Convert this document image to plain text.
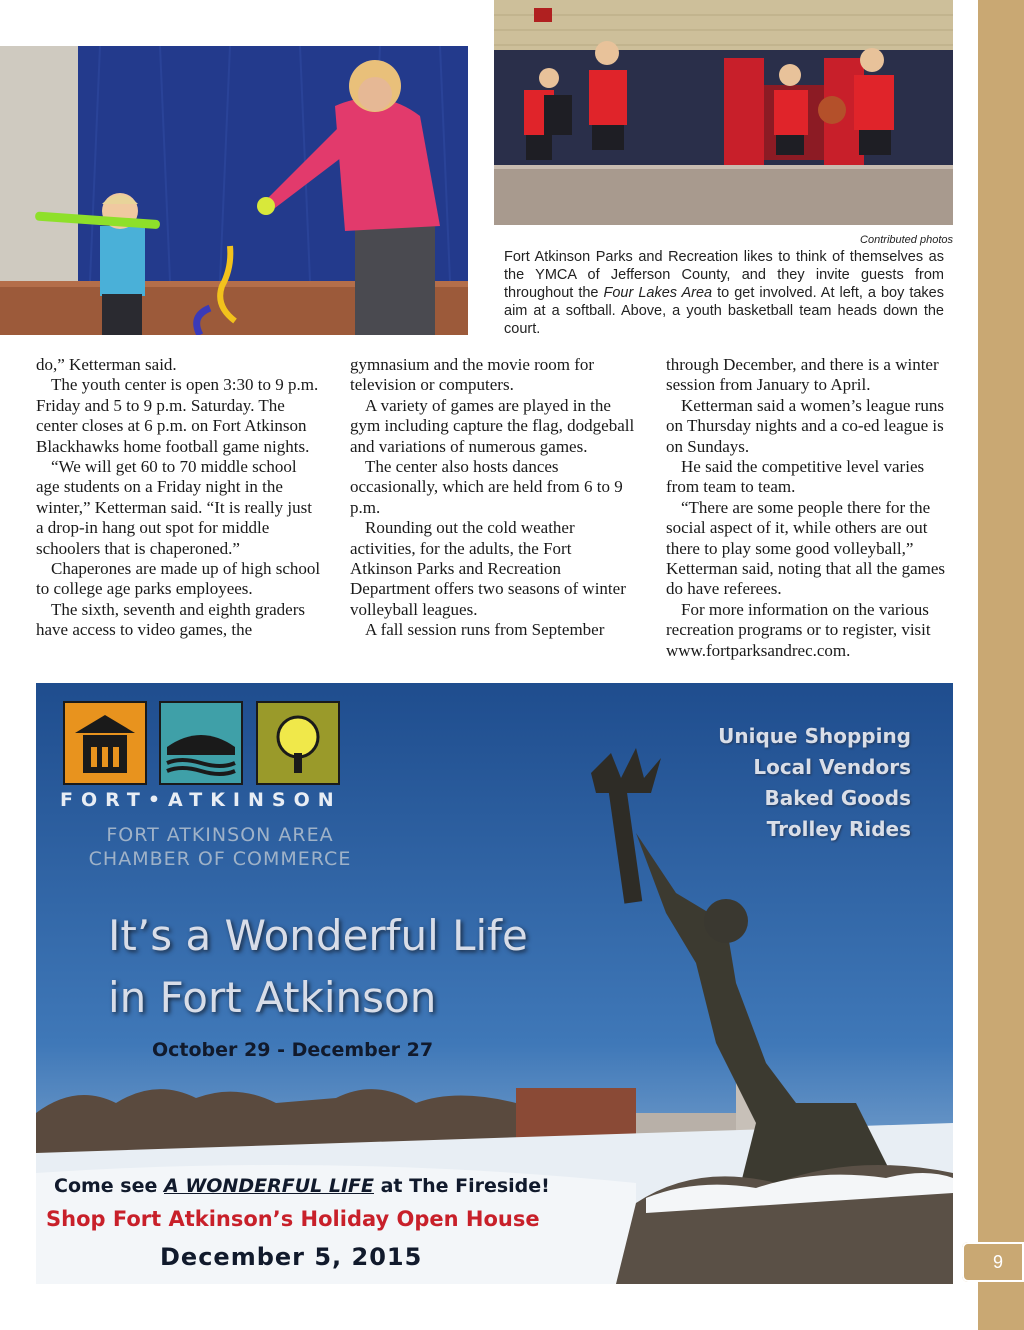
9
Contributed photos
Fort Atkinson Parks and Recreation likes to think of themselves as the YMCA of Jefferson County, and they invite guests from throughout the Four Lakes Area to get involved. At left, a boy takes aim at a softball. Above, a youth basketball team heads down the court.

do,” Ketterman said.

The youth center is open 3:30 to 9 p.m. Friday and 5 to 9 p.m. Saturday. The center closes at 6 p.m. on Fort Atkinson Blackhawks home football game nights.

“We will get 60 to 70 middle school age students on a Friday night in the winter,” Ketterman said. “It is really just a drop-in hang out spot for middle schoolers that is chaperoned.”

Chaperones are made up of high school to college age parks employees.

The sixth, seventh and eighth graders have access to video games, the

gymnasium and the movie room for television or computers.

A variety of games are played in the gym including capture the flag, dodgeball and variations of numerous games.

The center also hosts dances occasionally, which are held from 6 to 9 p.m.

Rounding out the cold weather activities, for the adults, the Fort Atkinson Parks and Recreation Department offers two seasons of winter volleyball leagues.

A fall session runs from September

through December, and there is a winter session from January to April.

Ketterman said a women’s league runs on Thursday nights and a co-ed league is on Sundays.

He said the competitive level varies from team to team.

“There are some people there for the social aspect of it, while others are out there to play some good volleyball,” Ketterman said, noting that all the games do have referees.

For more information on the various recreation programs or to register, visit www.fortparksandrec.com.

FORT•ATKINSON
FORT ATKINSON AREA
CHAMBER OF COMMERCE
Unique Shopping
Local Vendors
Baked Goods
Trolley Rides
It’s a Wonderful Life
in Fort Atkinson
October 29 - December 27
Come see A WONDERFUL LIFE at The Fireside!
Shop Fort Atkinson’s Holiday Open House
December 5, 2015
